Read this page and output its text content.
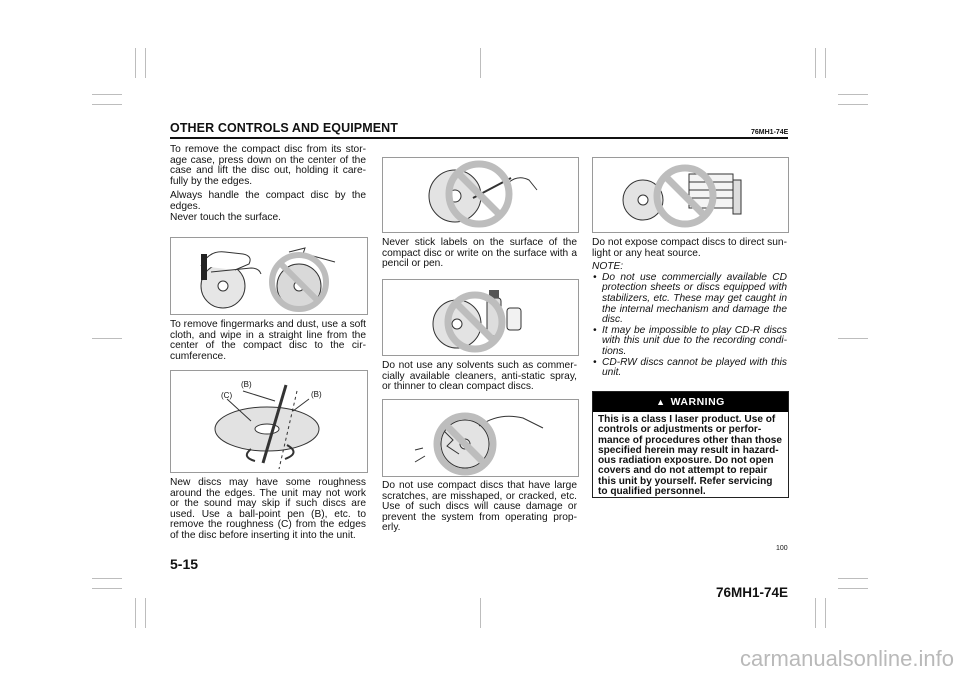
OTHER CONTROLS AND EQUIPMENT	76MH1-74E

To remove the compact disc from its stor-age case, press down on the center of the case and lift the disc out, holding it care-fully by the edges.

Always handle the compact disc by the edges.

Never touch the surface.

To remove fingermarks and dust, use a soft cloth, and wipe in a straight line from the center of the compact disc to the cir-cumference.

(B)
(C)	(B)

New discs may have some roughness around the edges. The unit may not work or the sound may skip if such discs are used. Use a ball-point pen (B), etc. to remove the roughness (C) from the edges of the disc before inserting it into the unit.

Never stick labels on the surface of the compact disc or write on the surface with a pencil or pen.

Do not use any solvents such as commer-cially available cleaners, anti-static spray, or thinner to clean compact discs.

Do not use compact discs that have large scratches, are misshaped, or cracked, etc. Use of such discs will cause damage or prevent the system from operating prop-erly.

Do not expose compact discs to direct sun-light or any heat source.

NOTE:
• Do not use commercially available CD protection sheets or discs equipped with stabilizers, etc. These may get caught in the internal mechanism and damage the disc.
• It may be impossible to play CD-R discs with this unit due to the recording condi-tions.
• CD-RW discs cannot be played with this unit.
▲ WARNING

This is a class I laser product. Use of controls or adjustments or perfor-mance of procedures other than those specified herein may result in hazard-ous radiation exposure. Do not open covers and do not attempt to repair this unit by yourself. Refer servicing to qualified personnel.

100
5-15
76MH1-74E
carmanualsonline.info
